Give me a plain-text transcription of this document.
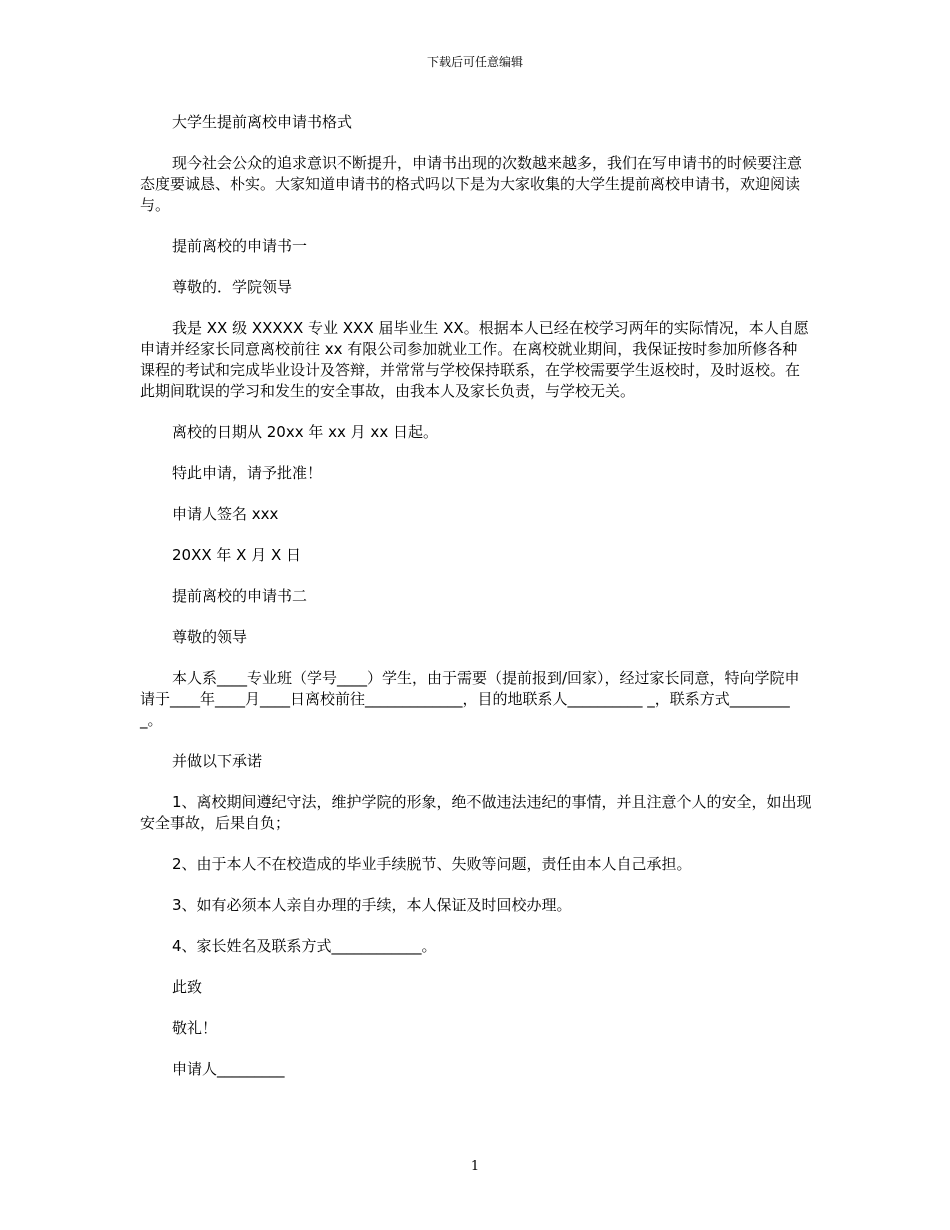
下载后可任意编辑

大学生提前离校申请书格式

现今社会公众的追求意识不断提升，申请书出现的次数越来越多，我们在写申请书的时候要注意态度要诚恳、朴实。大家知道申请书的格式吗以下是为大家收集的大学生提前离校申请书，欢迎阅读与。

提前离校的申请书一

尊敬的．学院领导

我是 XX 级 XXXXX 专业 XXX 届毕业生 XX。根据本人已经在校学习两年的实际情况，本人自愿申请并经家长同意离校前往 xx 有限公司参加就业工作。在离校就业期间，我保证按时参加所修各种课程的考试和完成毕业设计及答辩，并常常与学校保持联系，在学校需要学生返校时，及时返校。在此期间耽误的学习和发生的安全事故，由我本人及家长负责，与学校无关。

离校的日期从 20xx 年 xx 月 xx 日起。

特此申请，请予批准！

申请人签名 xxx

20XX 年 X 月 X 日

提前离校的申请书二

尊敬的领导

本人系____专业班（学号____）学生，由于需要（提前报到/回家），经过家长同意，特向学院申请于____年____月____日离校前往_____________，目的地联系人__________ _，联系方式_________。

并做以下承诺

1、离校期间遵纪守法，维护学院的形象，绝不做违法违纪的事情，并且注意个人的安全，如出现安全事故，后果自负；

2、由于本人不在校造成的毕业手续脱节、失败等问题，责任由本人自己承担。

3、如有必须本人亲自办理的手续，本人保证及时回校办理。

4、家长姓名及联系方式____________。

此致

敬礼！

申请人_________

1
